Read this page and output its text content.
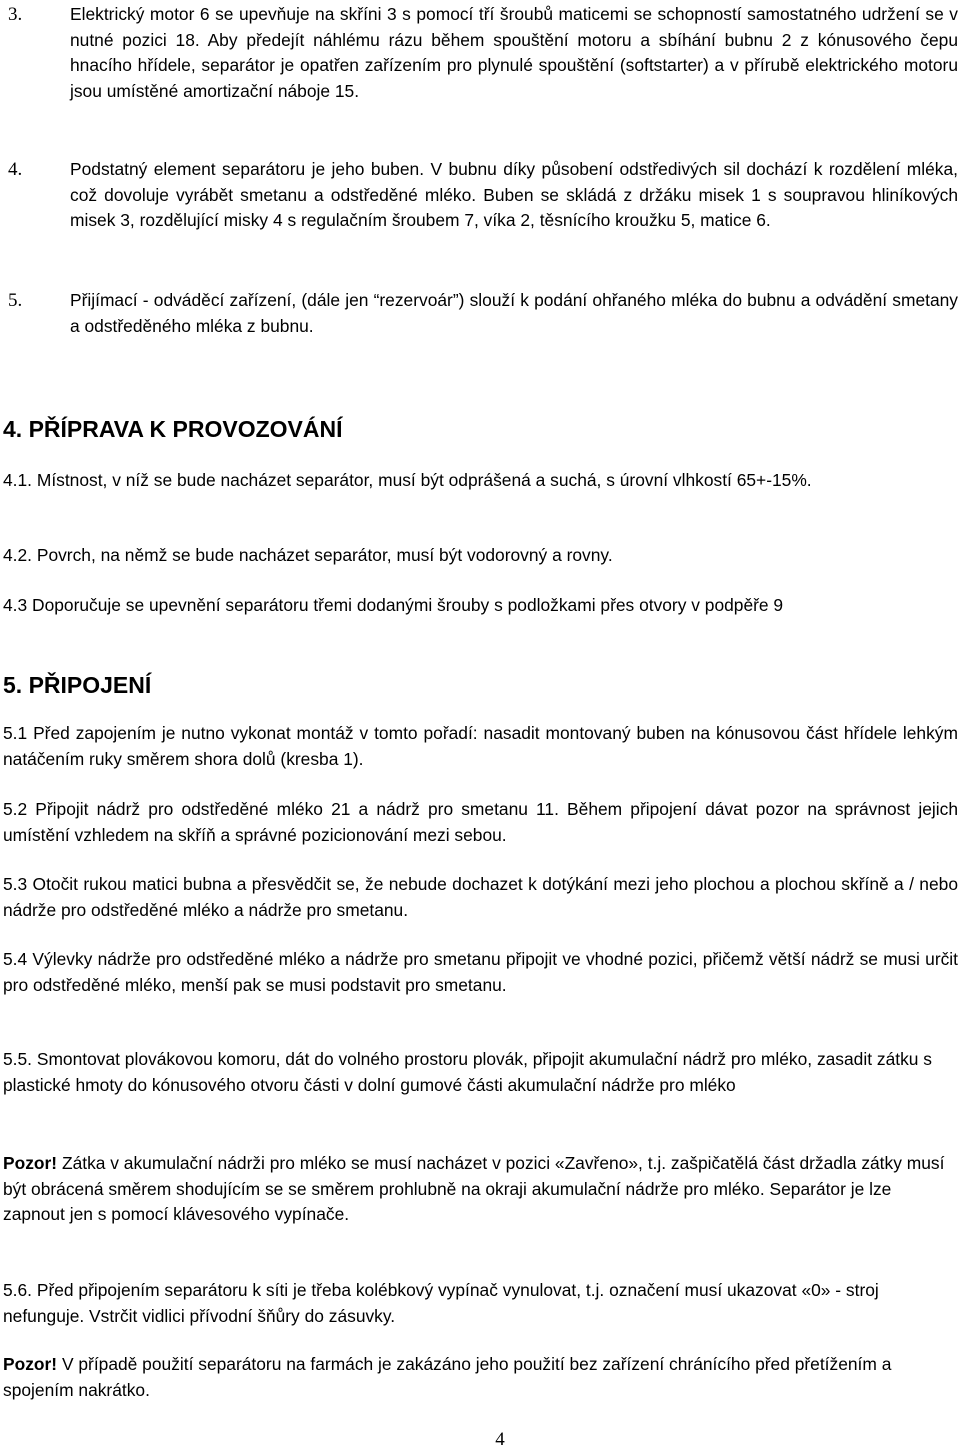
3.	Elektrický motor 6 se upevňuje na skříni 3 s pomocí tří šroubů maticemi se schopností samostatného udržení se v nutné pozici 18. Aby předejít náhlému rázu během spouštění motoru a sbíhání bubnu 2 z kónusového čepu hnacího hřídele, separátor je opatřen zařízením pro plynulé spouštění (softstarter) a v přírubě elektrického motoru jsou umístěné amortizační náboje 15.
4.	Podstatný element separátoru je jeho buben. V bubnu díky působení odstředivých sil dochází k rozdělení mléka, což dovoluje vyrábět smetanu a odstředěné mléko. Buben se skládá z držáku misek 1 s soupravou hliníkových misek 3, rozdělující misky 4 s regulačním šroubem 7, víka 2, těsnícího kroužku 5, matice 6.
5.	Přijímací - odváděcí zařízení, (dále jen “rezervoár”) slouží k podání ohřaného mléka do bubnu a odvádění smetany a odstředěného mléka z bubnu.
4. PŘÍPRAVA K PROVOZOVÁNÍ
4.1. Místnost, v níž se bude nacházet separátor, musí být odprášená a suchá, s úrovní vlhkostí 65+-15%.
4.2. Povrch, na němž se bude nacházet separátor, musí být vodorovný a rovny.
4.3 Doporučuje se upevnění separátoru třemi dodanými šrouby s podložkami přes otvory v podpěře 9
5. PŘIPOJENÍ
5.1 Před zapojením je nutno vykonat montáž v tomto pořadí: nasadit montovaný buben na kónusovou část hřídele lehkým natáčením ruky směrem shora dolů (kresba 1).
5.2 Připojit nádrž pro odstředěné mléko 21 a nádrž pro smetanu 11. Během připojení dávat pozor na správnost jejich umístění vzhledem na skříň a správné pozicionování mezi sebou.
5.3 Otočit rukou matici bubna a přesvědčit se, že nebude dochazet k dotýkání mezi jeho plochou a plochou skříně a / nebo nádrže pro odstředěné mléko a nádrže pro smetanu.
5.4 Výlevky nádrže pro odstředěné mléko a nádrže pro smetanu připojit ve vhodné pozici, přičemž větší nádrž se musi určit pro odstředěné mléko, menší pak se musi podstavit pro smetanu.
5.5. Smontovat plovákovou komoru, dát do volného prostoru plovák, připojit akumulační nádrž pro mléko, zasadit zátku s plastické hmoty do kónusového otvoru části v dolní gumové části akumulační nádrže pro mléko
Pozor! Zátka v akumulační nádrži pro mléko se musí nacházet v pozici «Zavřeno», t.j. zašpičatělá část držadla zátky musí být obrácená směrem shodujícím se se směrem prohlubně na okraji akumulační nádrže pro mléko. Separátor je lze zapnout jen s pomocí klávesového vypínače.
5.6. Před připojením separátoru k síti je třeba kolébkový vypínač vynulovat, t.j. označení musí ukazovat «0» - stroj nefunguje. Vstrčit vidlici přívodní šňůry do zásuvky.
Pozor! V případě použití separátoru na farmách je zakázáno jeho použití bez zařízení chránícího před přetížením a spojením nakrátko.
4
